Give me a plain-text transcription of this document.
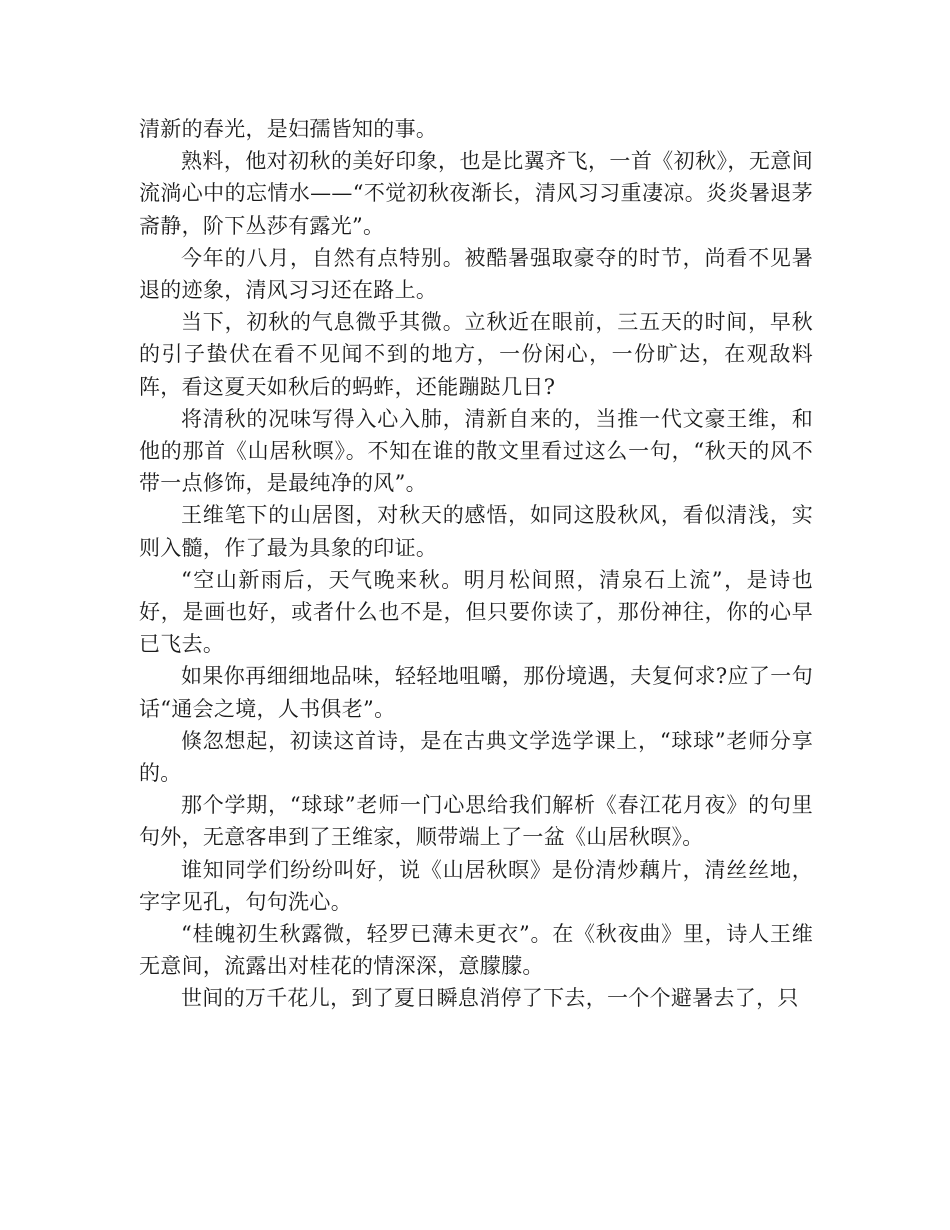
清新的春光，是妇孺皆知的事。

熟料，他对初秋的美好印象，也是比翼齐飞，一首《初秋》，无意间流淌心中的忘情水——“不觉初秋夜渐长，清风习习重凄凉。炎炎暑退茅斋静，阶下丛莎有露光”。

今年的八月，自然有点特别。被酷暑强取豪夺的时节，尚看不见暑退的迹象，清风习习还在路上。

当下，初秋的气息微乎其微。立秋近在眼前，三五天的时间，早秋的引子蛰伏在看不见闻不到的地方，一份闲心，一份旷达，在观敌料阵，看这夏天如秋后的蚂蚱，还能蹦跶几日?

将清秋的况味写得入心入肺，清新自来的，当推一代文豪王维，和他的那首《山居秋暝》。不知在谁的散文里看过这么一句，“秋天的风不带一点修饰，是最纯净的风”。

王维笔下的山居图，对秋天的感悟，如同这股秋风，看似清浅，实则入髓，作了最为具象的印证。

“空山新雨后，天气晚来秋。明月松间照，清泉石上流”，是诗也好，是画也好，或者什么也不是，但只要你读了，那份神往，你的心早已飞去。

如果你再细细地品味，轻轻地咀嚼，那份境遇，夫复何求?应了一句话“通会之境，人书俱老”。

倏忽想起，初读这首诗，是在古典文学选学课上，“球球”老师分享的。

那个学期，“球球”老师一门心思给我们解析《春江花月夜》的句里句外，无意客串到了王维家，顺带端上了一盆《山居秋暝》。

谁知同学们纷纷叫好，说《山居秋暝》是份清炒藕片，清丝丝地，字字见孔，句句洗心。

“桂魄初生秋露微，轻罗已薄未更衣”。在《秋夜曲》里，诗人王维无意间，流露出对桂花的情深深，意朦朦。

世间的万千花儿，到了夏日瞬息消停了下去，一个个避暑去了，只
